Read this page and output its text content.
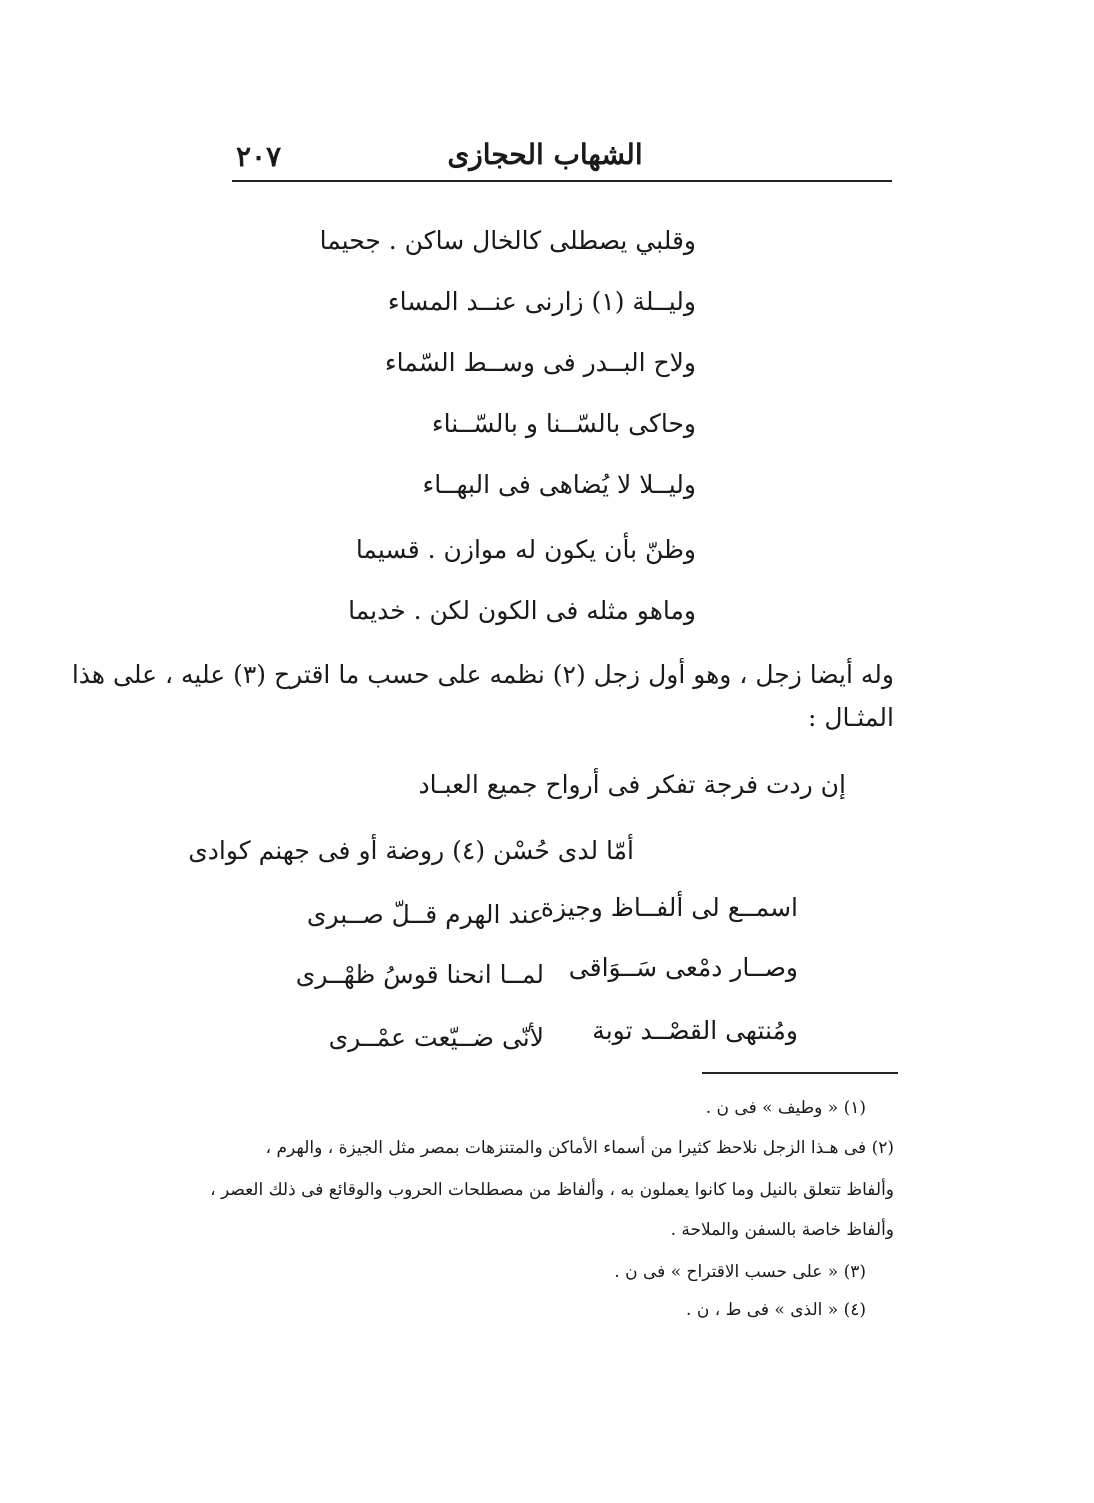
الشهاب الحجازى
٢٠٧
وقلبي يصطلى كالخال ساكن . جحيما
وليــلة (١) زارنى عنــد المساء
ولاح البــدر فى وســط السّماء
وحاكى بالسّــنا و بالسّــناء
وليــلا لا يُضاهى فى البهــاء
وظنّ بأن يكون له موازن . قسيما
وماهو مثله فى الكون لكن . خديما
وله أيضا زجل ، وهو أول زجل (٢) نظمه على حسب ما اقترح (٣) عليه ، على هذا
المثـال :
إن ردت فرجة تفكر فى أرواح جميع العبـاد
أمّا لدى حُسْن (٤) روضة أو فى جهنم كوادى
اسمــع لى ألفــاظ وجيزة
عند الهرم قــلّ صــبرى
وصــار دمْعى سَــوَاقى
لمــا انحنا قوسُ ظهْــرى
ومُنتهى القصْــد توبة
لأنّى ضــيّعت عمْــرى
(١) « وطيف » فى ن .
(٢) فى هـذا الزجل نلاحظ كثيرا من أسماء الأماكن والمتنزهات بمصر مثل الجيزة ، والهرم ،
وألفاظ تتعلق بالنيل وما كانوا يعملون به ، وألفاظ من مصطلحات الحروب والوقائع فى ذلك العصر ،
وألفاظ خاصة بالسفن والملاحة .
(٣) « على حسب الاقتراح » فى ن .
(٤) « الذى » فى ط ، ن .
